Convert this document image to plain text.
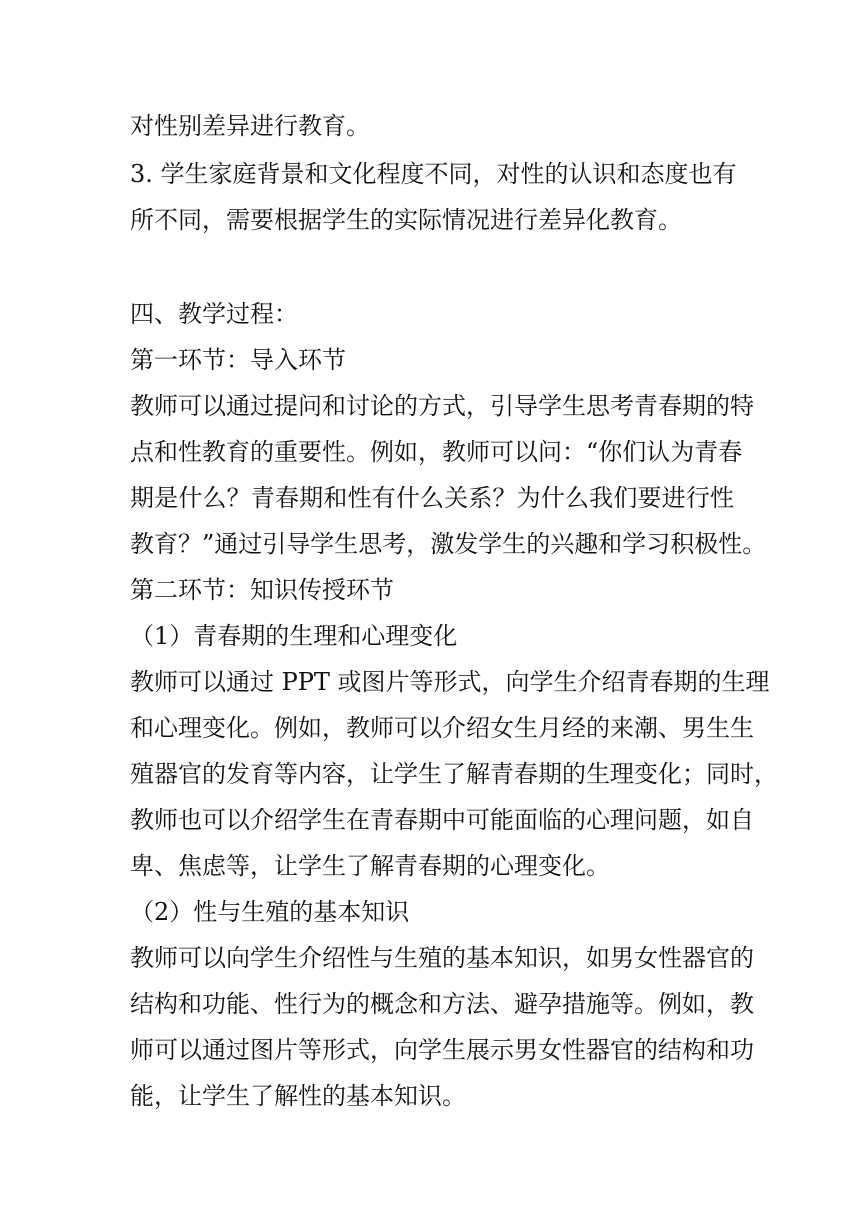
对性别差异进行教育。
3. 学生家庭背景和文化程度不同，对性的认识和态度也有
所不同，需要根据学生的实际情况进行差异化教育。
四、教学过程：
第一环节：导入环节
教师可以通过提问和讨论的方式，引导学生思考青春期的特
点和性教育的重要性。例如，教师可以问：“你们认为青春
期是什么？青春期和性有什么关系？为什么我们要进行性
教育？”通过引导学生思考，激发学生的兴趣和学习积极性。
第二环节：知识传授环节
（1）青春期的生理和心理变化
教师可以通过 PPT 或图片等形式，向学生介绍青春期的生理
和心理变化。例如，教师可以介绍女生月经的来潮、男生生
殖器官的发育等内容，让学生了解青春期的生理变化；同时，
教师也可以介绍学生在青春期中可能面临的心理问题，如自
卑、焦虑等，让学生了解青春期的心理变化。
（2）性与生殖的基本知识
教师可以向学生介绍性与生殖的基本知识，如男女性器官的
结构和功能、性行为的概念和方法、避孕措施等。例如，教
师可以通过图片等形式，向学生展示男女性器官的结构和功
能，让学生了解性的基本知识。
